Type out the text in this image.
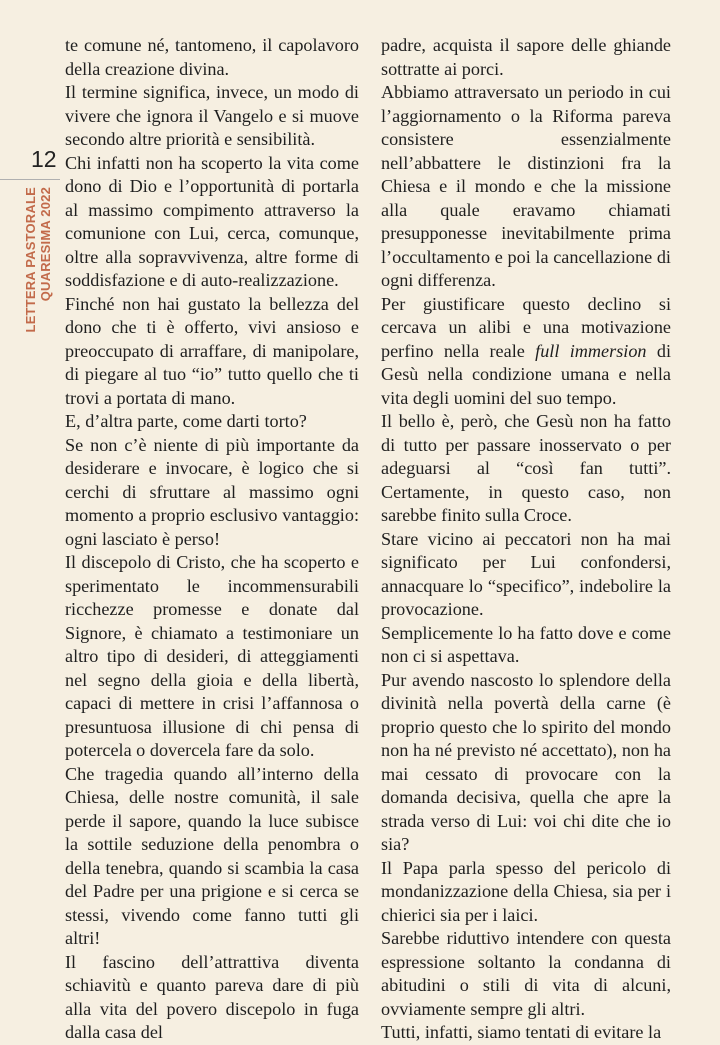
12
LETTERA PASTORALE QUARESIMA 2022

te comune né, tantomeno, il capolavoro della creazione divina.

Il termine significa, invece, un modo di vivere che ignora il Vangelo e si muove secondo altre priorità e sensibilità.

Chi infatti non ha scoperto la vita come dono di Dio e l’opportunità di portarla al massimo compimento attraverso la comunione con Lui, cerca, comunque, oltre alla sopravvivenza, altre forme di soddisfazione e di auto-realizzazione.

Finché non hai gustato la bellezza del dono che ti è offerto, vivi ansioso e preoccupato di arraffare, di manipolare, di piegare al tuo “io” tutto quello che ti trovi a portata di mano.

E, d’altra parte, come darti torto?

Se non c’è niente di più importante da desiderare e invocare, è logico che si cerchi di sfruttare al massimo ogni momento a proprio esclusivo vantaggio: ogni lasciato è perso!

Il discepolo di Cristo, che ha scoperto e sperimentato le incommensurabili ricchezze promesse e donate dal Signore, è chiamato a testimoniare un altro tipo di desideri, di atteggiamenti nel segno della gioia e della libertà, capaci di mettere in crisi l’affannosa o presuntuosa illusione di chi pensa di potercela o dovercela fare da solo.

Che tragedia quando all’interno della Chiesa, delle nostre comunità, il sale perde il sapore, quando la luce subisce la sottile seduzione della penombra o della tenebra, quando si scambia la casa del Padre per una prigione e si cerca se stessi, vivendo come fanno tutti gli altri!

Il fascino dell’attrattiva diventa schiavitù e quanto pareva dare di più alla vita del povero discepolo in fuga dalla casa del

padre, acquista il sapore delle ghiande sottratte ai porci.

Abbiamo attraversato un periodo in cui l’aggiornamento o la Riforma pareva consistere essenzialmente nell’abbattere le distinzioni fra la Chiesa e il mondo e che la missione alla quale eravamo chiamati presupponesse inevitabilmente prima l’occultamento e poi la cancellazione di ogni differenza.

Per giustificare questo declino si cercava un alibi e una motivazione perfino nella reale full immersion di Gesù nella condizione umana e nella vita degli uomini del suo tempo.

Il bello è, però, che Gesù non ha fatto di tutto per passare inosservato o per adeguarsi al “così fan tutti”. Certamente, in questo caso, non sarebbe finito sulla Croce.

Stare vicino ai peccatori non ha mai significato per Lui confondersi, annacquare lo “specifico”, indebolire la provocazione.

Semplicemente lo ha fatto dove e come non ci si aspettava.

Pur avendo nascosto lo splendore della divinità nella povertà della carne (è proprio questo che lo spirito del mondo non ha né previsto né accettato), non ha mai cessato di provocare con la domanda decisiva, quella che apre la strada verso di Lui: voi chi dite che io sia?

Il Papa parla spesso del pericolo di mondanizzazione della Chiesa, sia per i chierici sia per i laici.

Sarebbe riduttivo intendere con questa espressione soltanto la condanna di abitudini o stili di vita di alcuni, ovviamente sempre gli altri.

Tutti, infatti, siamo tentati di evitare la
